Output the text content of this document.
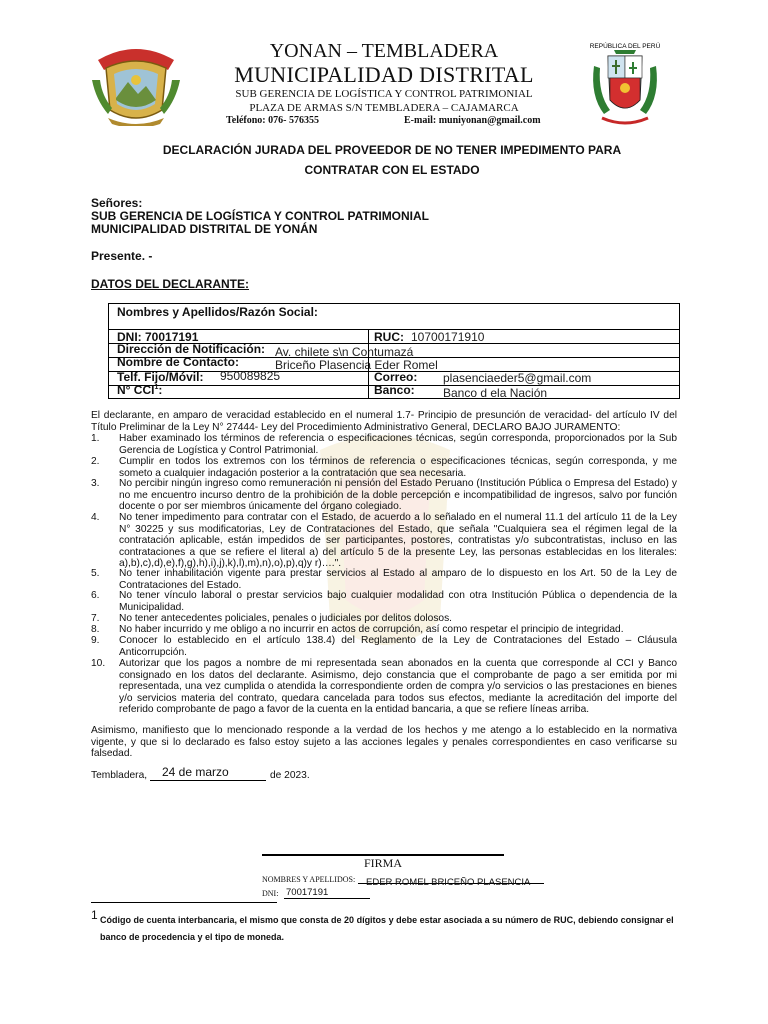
REPÚBLICA DEL PERÚ
YONAN – TEMBLADERA
MUNICIPALIDAD DISTRITAL
SUB GERENCIA DE LOGÍSTICA Y CONTROL PATRIMONIAL
PLAZA DE ARMAS S/N TEMBLADERA – CAJAMARCA
Teléfono: 076- 576355	E-mail: muniyonan@gmail.com
DECLARACIÓN JURADA DEL PROVEEDOR DE NO TENER IMPEDIMENTO PARA
CONTRATAR CON EL ESTADO
Señores:
SUB GERENCIA DE LOGÍSTICA Y CONTROL PATRIMONIAL
MUNICIPALIDAD DISTRITAL DE YONÁN
Presente. -
DATOS DEL DECLARANTE:
Nombres y Apellidos/Razón Social:
DNI: 70017191	RUC: 10700171910
Dirección de Notificación: Av. chilete s\n Contumazá
Nombre de Contacto:	Briceño Plasencia Eder Romel
Telf. Fijo/Móvil: 950089825	Correo: plasenciaeder5@gmail.com
N° CCI$^1$:	Banco: Banco d ela Nación
El declarante, en amparo de veracidad establecido en el numeral 1.7- Principio de presunción de veracidad- del artículo IV del Título Preliminar de la Ley N° 27444- Ley del Procedimiento Administrativo General, DECLARO BAJO JURAMENTO:
1. Haber examinado los términos de referencia o especificaciones técnicas, según corresponda, proporcionados por la Sub Gerencia de Logística y Control Patrimonial.
2. Cumplir en todos los extremos con los términos de referencia o especificaciones técnicas, según corresponda, y me someto a cualquier indagación posterior a la contratación que sea necesaria.
3. No percibir ningún ingreso como remuneración ni pensión del Estado Peruano (Institución Pública o Empresa del Estado) y no me encuentro incurso dentro de la prohibición de la doble percepción e incompatibilidad de ingresos, salvo por función docente o por ser miembros únicamente del órgano colegiado.
4. No tener impedimento para contratar con el Estado, de acuerdo a lo señalado en el numeral 11.1 del artículo 11 de la Ley N° 30225 y sus modificatorias, Ley de Contrataciones del Estado, que señala "Cualquiera sea el régimen legal de la contratación aplicable, están impedidos de ser participantes, postores, contratistas y/o subcontratistas, incluso en las contrataciones a que se refiere el literal a) del artículo 5 de la presente Ley, las personas establecidas en los literales: a),b),c),d),e),f),g),h),i),j),k),l),m),n),o),p),q)y r)….".
5. No tener inhabilitación vigente para prestar servicios al Estado al amparo de lo dispuesto en los Art. 50 de la Ley de Contrataciones del Estado.
6. No tener vínculo laboral o prestar servicios bajo cualquier modalidad con otra Institución Pública o dependencia de la Municipalidad.
7. No tener antecedentes policiales, penales o judiciales por delitos dolosos.
8. No haber incurrido y me obligo a no incurrir en actos de corrupción, así como respetar el principio de integridad.
9. Conocer lo establecido en el artículo 138.4) del Reglamento de la Ley de Contrataciones del Estado – Cláusula Anticorrupción.
10. Autorizar que los pagos a nombre de mi representada sean abonados en la cuenta que corresponde al CCI y Banco consignado en los datos del declarante. Asimismo, dejo constancia que el comprobante de pago a ser emitida por mi representada, una vez cumplida o atendida la correspondiente orden de compra y/o servicios o las prestaciones en bienes y/o servicios materia del contrato, quedara cancelada para todos sus efectos, mediante la acreditación del importe del referido comprobante de pago a favor de la cuenta en la entidad bancaria, a que se refiere líneas arriba.
Asimismo, manifiesto que lo mencionado responde a la verdad de los hechos y me atengo a lo establecido en la normativa vigente, y que si lo declarado es falso estoy sujeto a las acciones legales y penales correspondientes en caso verificarse su falsedad.
Tembladera, 24 de marzo	de 2023.
FIRMA
NOMBRES Y APELLIDOS: EDER ROMEL BRICEÑO PLASENCIA
DNI: 70017191
1 Código de cuenta interbancaria, el mismo que consta de 20 dígitos y debe estar asociada a su número de RUC, debiendo consignar el banco de procedencia y el tipo de moneda.
